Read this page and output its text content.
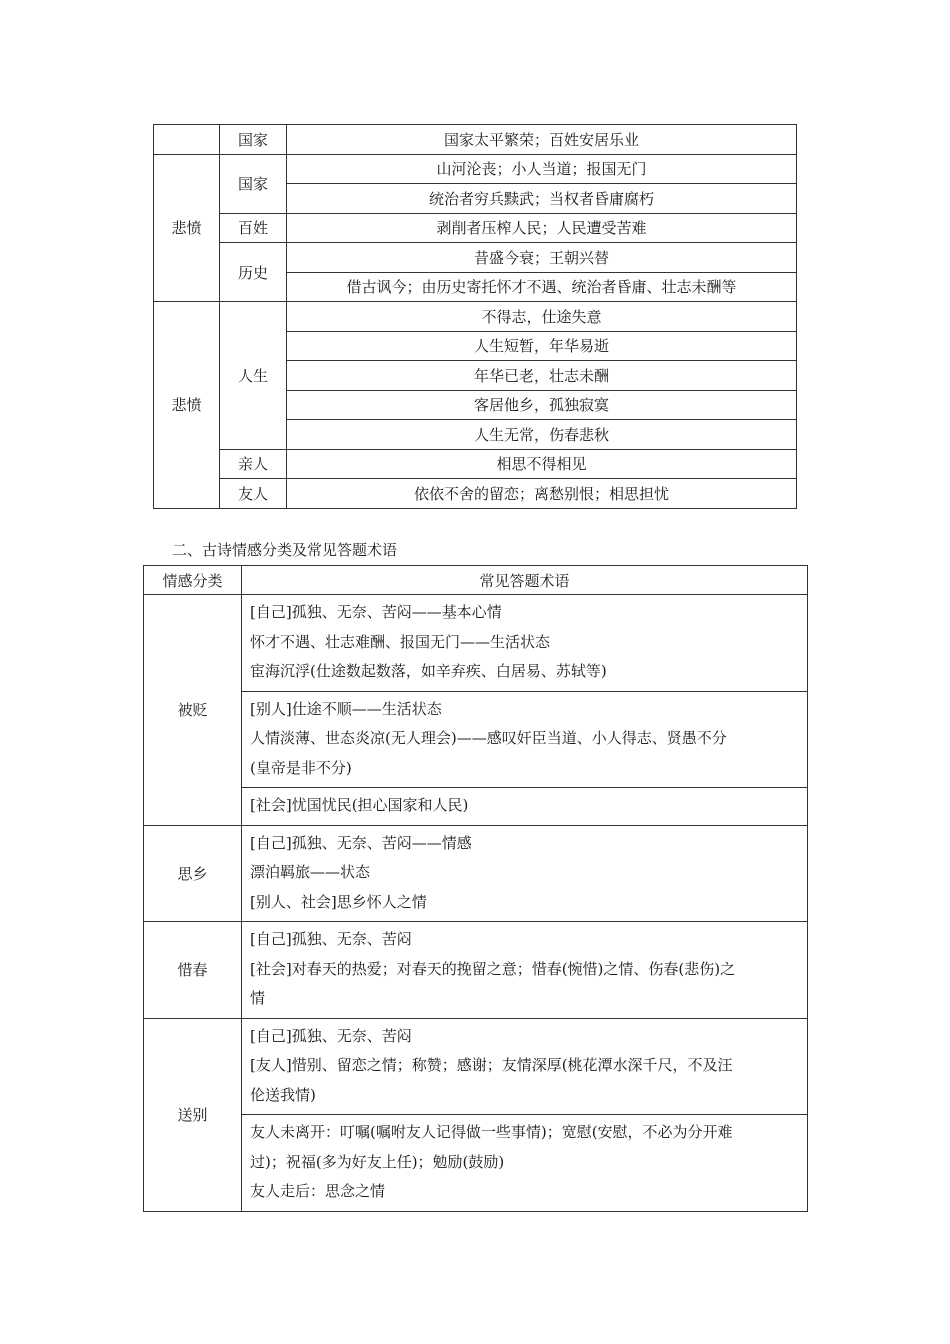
	国家	国家太平繁荣；百姓安居乐业
悲愤	国家	山河沦丧；小人当道；报国无门
		统治者穷兵黩武；当权者昏庸腐朽
	百姓	剥削者压榨人民；人民遭受苦难
	历史	昔盛今衰；王朝兴替
		借古讽今；由历史寄托怀才不遇、统治者昏庸、壮志未酬等
悲愤	人生	不得志，仕途失意
		人生短暂，年华易逝
		年华已老，壮志未酬
		客居他乡，孤独寂寞
		人生无常，伤春悲秋
	亲人	相思不得相见
	友人	依依不舍的留恋；离愁别恨；相思担忧
二、古诗情感分类及常见答题术语
情感分类	常见答题术语
被贬	[自己]孤独、无奈、苦闷——基本心情
怀才不遇、壮志难酬、报国无门——生活状态
宦海沉浮(仕途数起数落，如辛弃疾、白居易、苏轼等)

	[别人]仕途不顺——生活状态
人情淡薄、世态炎凉(无人理会)——感叹奸臣当道、小人得志、贤愚不分
(皇帝是非不分)

	[社会]忧国忧民(担心国家和人民)

思乡	[自己]孤独、无奈、苦闷——情感
漂泊羁旅——状态
[别人、社会]思乡怀人之情

惜春	[自己]孤独、无奈、苦闷
[社会]对春天的热爱；对春天的挽留之意；惜春(惋惜)之情、伤春(悲伤)之
情

送别	[自己]孤独、无奈、苦闷
[友人]惜别、留恋之情；称赞；感谢；友情深厚(桃花潭水深千尺，不及汪
伦送我情)

	友人未离开：叮嘱(嘱咐友人记得做一些事情)；宽慰(安慰，不必为分开难
过)；祝福(多为好友上任)；勉励(鼓励)
友人走后：思念之情
